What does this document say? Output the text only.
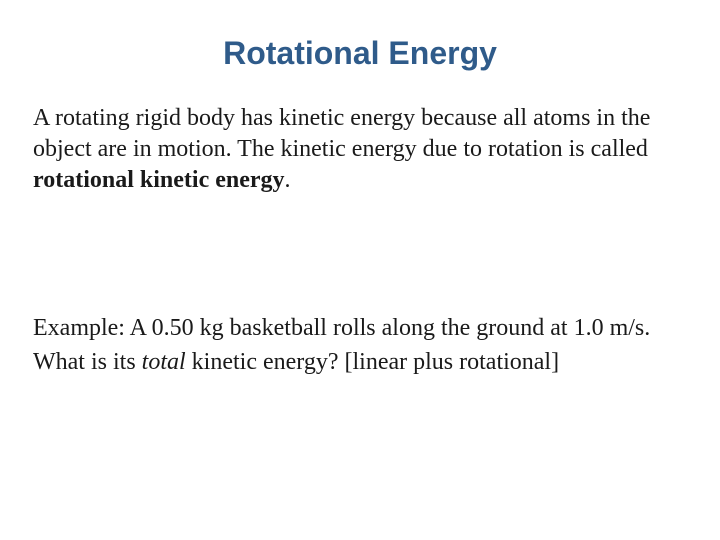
Rotational Energy

A rotating rigid body has kinetic energy because all atoms in the object are in motion. The kinetic energy due to rotation is called rotational kinetic energy.

Example: A 0.50 kg basketball rolls along the ground at 1.0 m/s. What is its total kinetic energy? [linear plus rotational]
